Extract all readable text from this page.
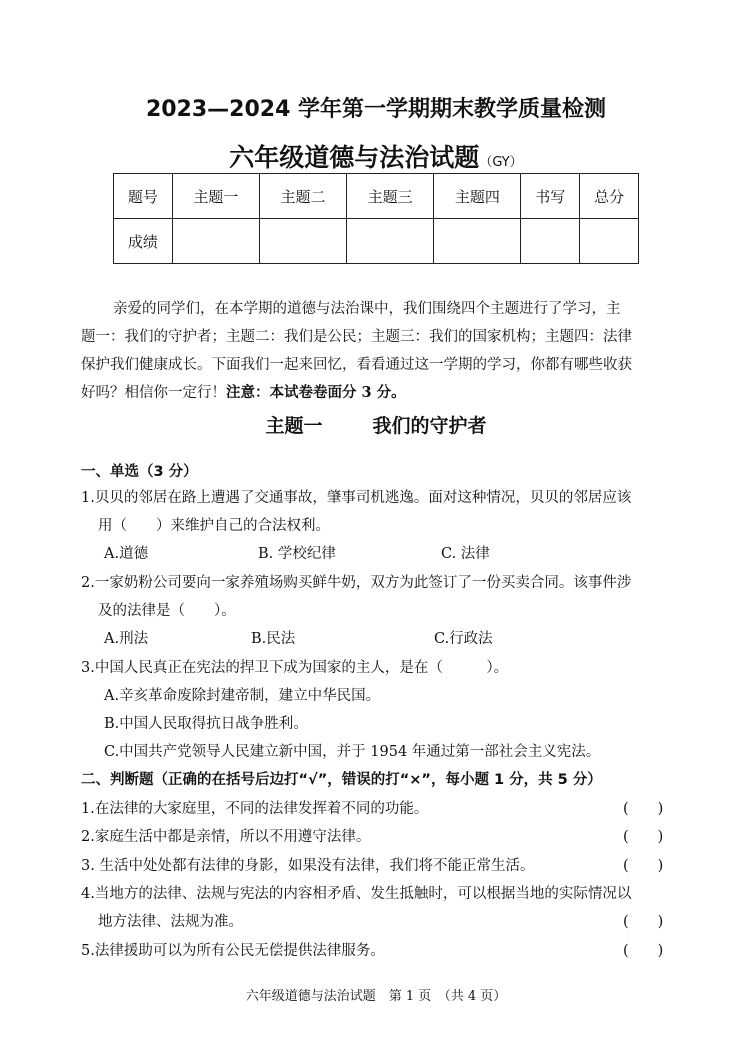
2023—2024 学年第一学期期末教学质量检测
六年级道德与法治试题（GY）
题号	主题一	主题二	主题三	主题四	书写	总分
成绩						
亲爱的同学们，在本学期的道德与法治课中，我们围绕四个主题进行了学习，主
题一：我们的守护者；主题二：我们是公民；主题三：我们的国家机构；主题四：法律
保护我们健康成长。下面我们一起来回忆，看看通过这一学期的学习，你都有哪些收获
好吗？相信你一定行！注意：本试卷卷面分 3 分。
主题一	我们的守护者
一、单选（3 分）
1.贝贝的邻居在路上遭遇了交通事故，肇事司机逃逸。面对这种情况，贝贝的邻居应该
用（　　）来维护自己的合法权利。
A.道德	B. 学校纪律	C. 法律
2.一家奶粉公司要向一家养殖场购买鲜牛奶，双方为此签订了一份买卖合同。该事件涉
及的法律是（　　）。
A.刑法	B.民法	C.行政法
3.中国人民真正在宪法的捍卫下成为国家的主人，是在（　　　）。
A.辛亥革命废除封建帝制，建立中华民国。
B.中国人民取得抗日战争胜利。
C.中国共产党领导人民建立新中国，并于 1954 年通过第一部社会主义宪法。
二、判断题（正确的在括号后边打“√”，错误的打“×”，每小题 1 分，共 5 分）
1.在法律的大家庭里，不同的法律发挥着不同的功能。	(　　)
2.家庭生活中都是亲情，所以不用遵守法律。	(　　)
3. 生活中处处都有法律的身影，如果没有法律，我们将不能正常生活。	(　　)
4.当地方的法律、法规与宪法的内容相矛盾、发生抵触时，可以根据当地的实际情况以
地方法律、法规为准。	(　　)
5.法律援助可以为所有公民无偿提供法律服务。	(　　)
六年级道德与法治试题　第 1 页　（共 4 页）
